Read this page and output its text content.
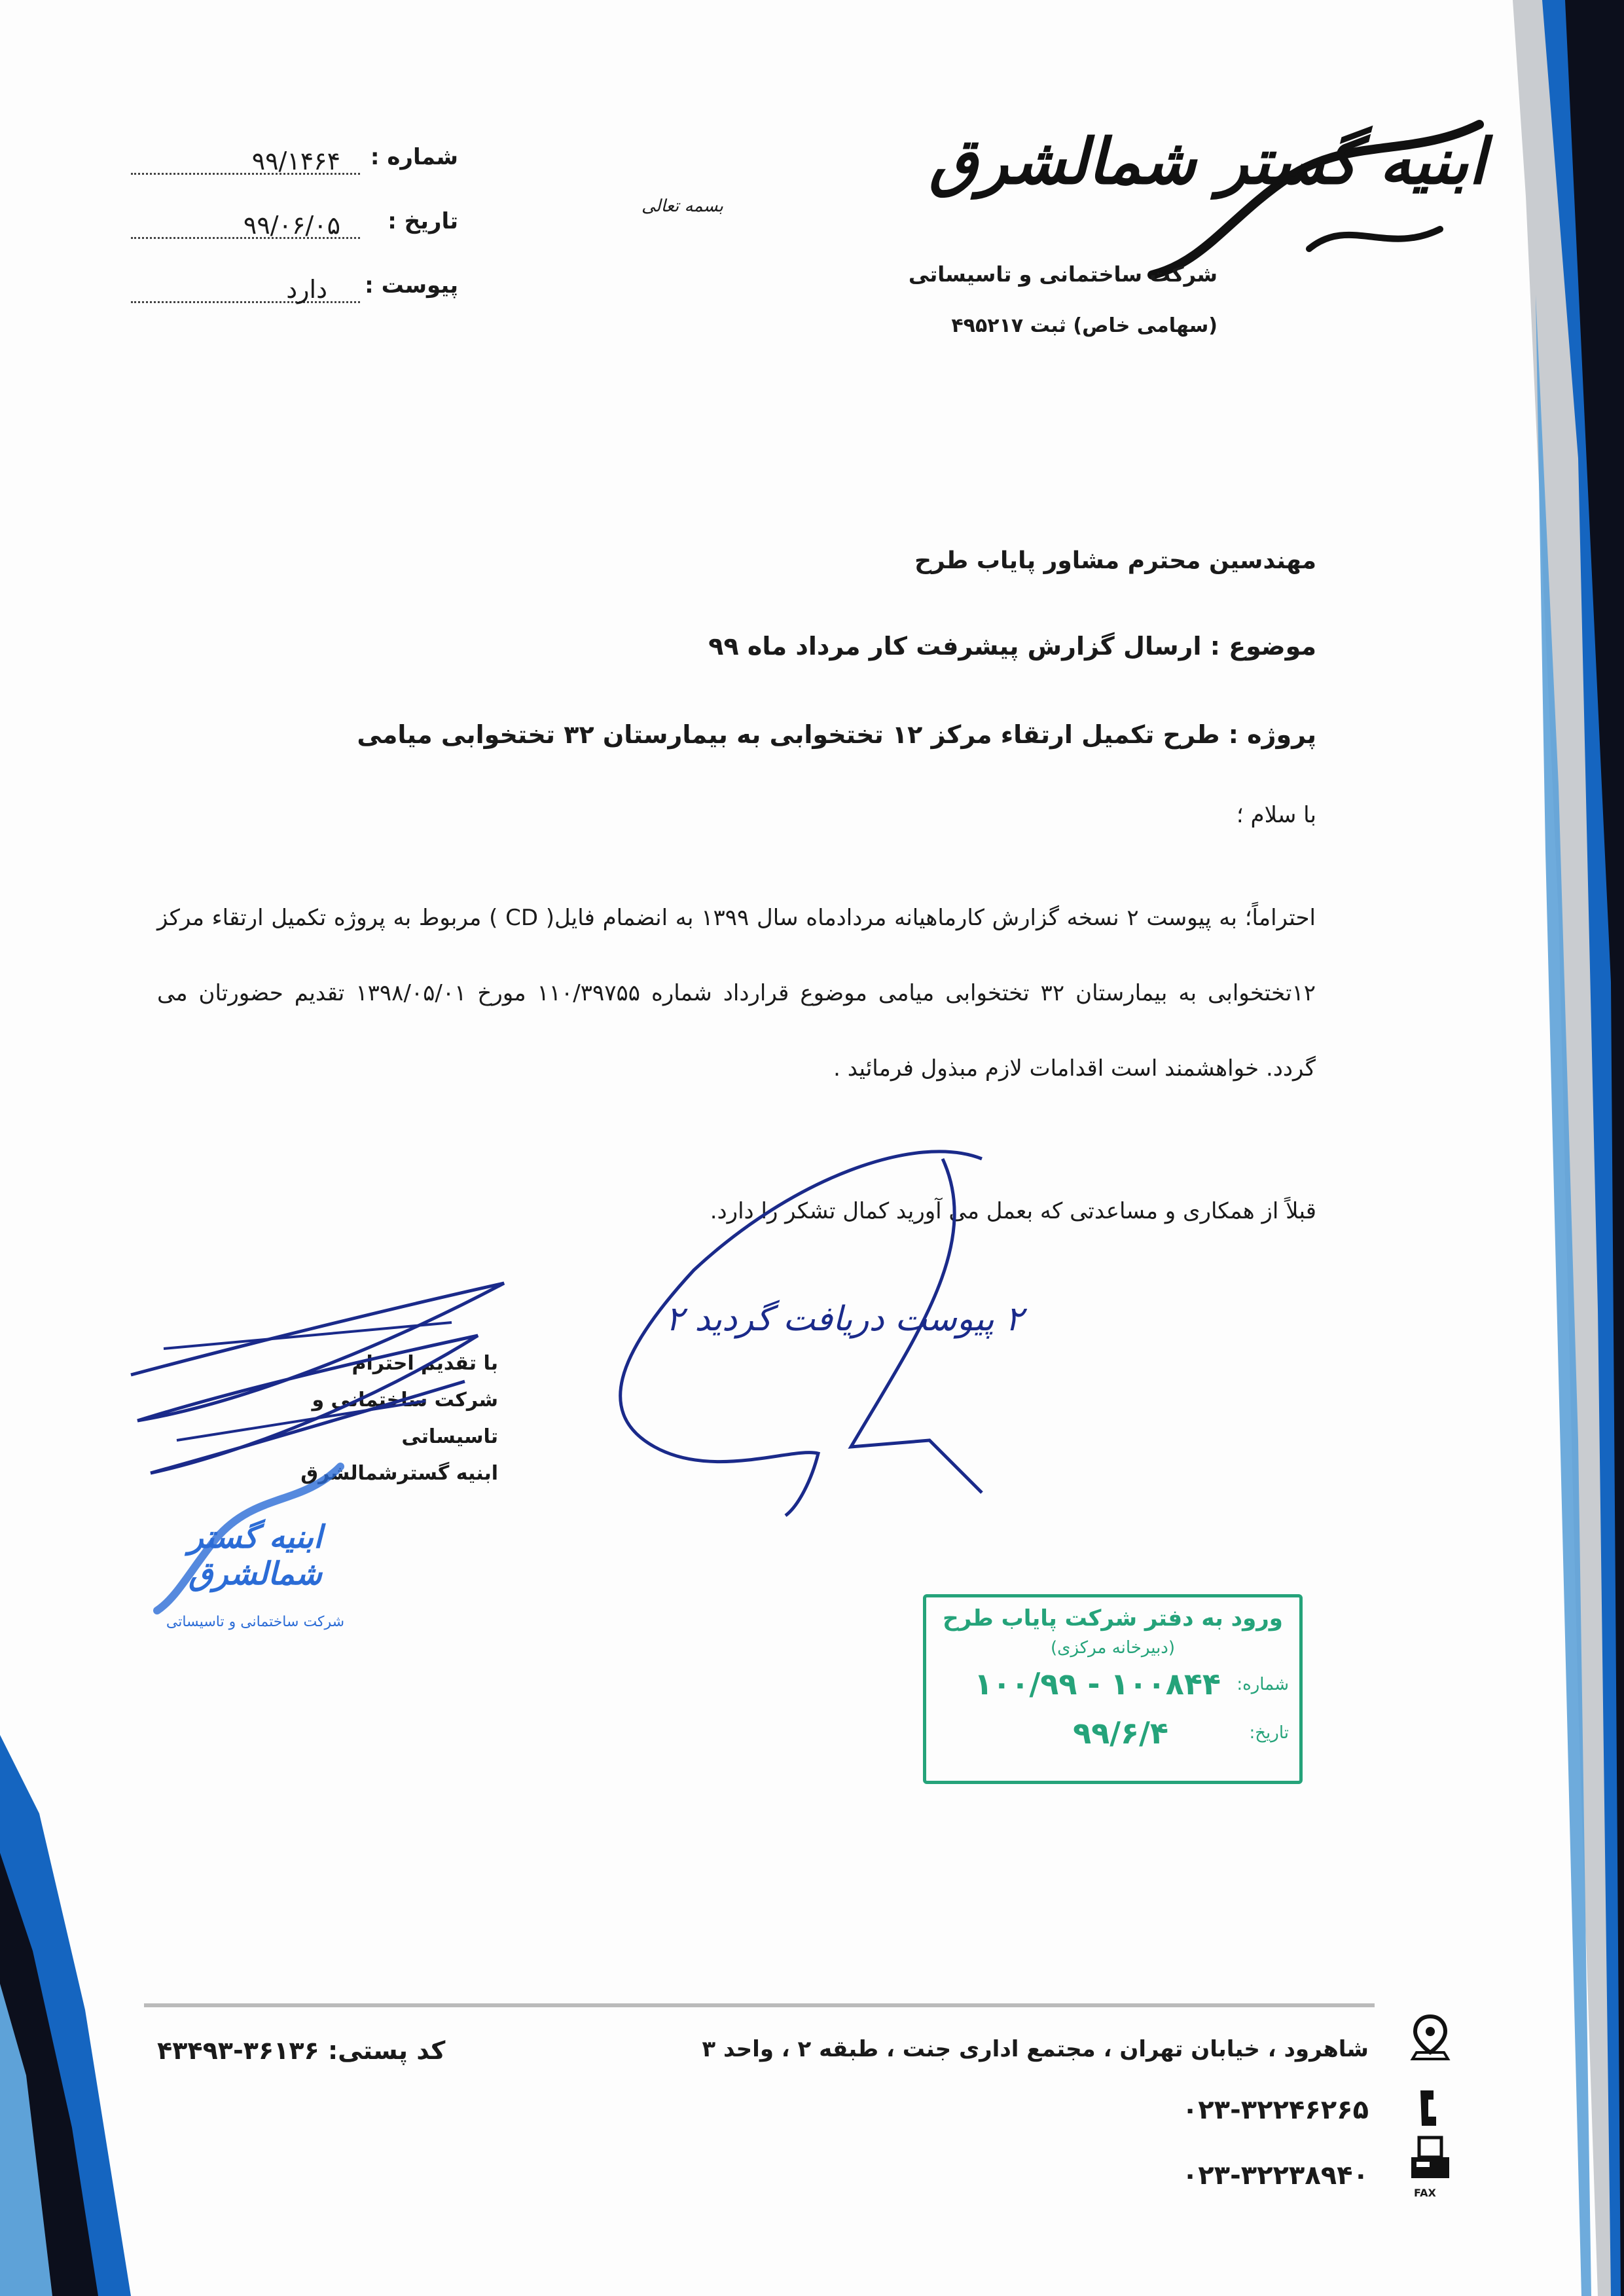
شماره :
۹۹/۱۴۶۴
تاریخ :
۹۹/۰۶/۰۵
پیوست :
دارد
بسمه تعالی
ابنیه گستر شمالشرق
شرکت ساختمانی و تاسیساتی
(سهامی خاص) ثبت ۴۹۵۲۱۷
مهندسین محترم مشاور پایاب طرح
موضوع : ارسال گزارش پیشرفت کار مرداد ماه ۹۹
پروژه : طرح تکمیل ارتقاء مرکز ۱۲ تختخوابی به بیمارستان ۳۲ تختخوابی میامی
با سلام ؛
احتراماً؛ به پیوست ۲ نسخه گزارش کارماهیانه مردادماه سال ۱۳۹۹ به انضمام فایل( CD ) مربوط به پروژه تکمیل ارتقاء مرکز ۱۲تختخوابی به بیمارستان ۳۲ تختخوابی میامی موضوع قرارداد شماره ۱۱۰/۳۹۷۵۵ مورخ ۱۳۹۸/۰۵/۰۱ تقدیم حضورتان می گردد. خواهشمند است اقدامات لازم مبذول فرمائید .
قبلاً از همکاری و مساعدتی که بعمل می آورید کمال تشکر را دارد.
۲ پیوست دریافت گردید ۲
با تقدیم احترام
شرکت ساختمانی و تاسیساتی
ابنیه گسترشمالشرق
ابنیه گستر شمالشرق
شرکت ساختمانی و تاسیساتی	ورود به دفتر شرکت پایاب طرح
(دبیرخانه مرکزی)
شماره:
۱۰۰/۹۹ - ۱۰۰۸۴۴
تاریخ:
۹۹/۶/۴
شاهرود ، خیابان تهران ، مجتمع اداری جنت ، طبقه ۲ ، واحد ۳
کد پستی: ۳۶۱۳۶-۴۳۴۹۳
۰۲۳-۳۲۲۴۶۲۶۵
۰۲۳-۳۲۲۳۸۹۴۰
FAX
